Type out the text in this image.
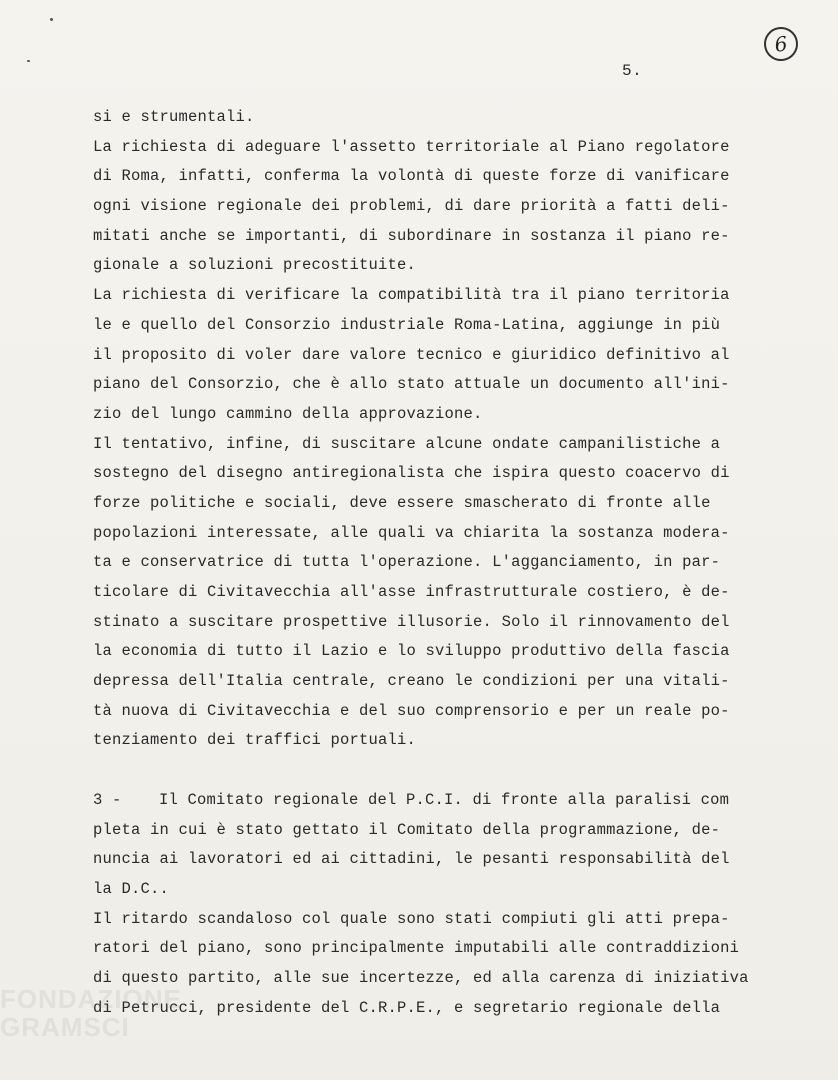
6
5.
si e strumentali.
La richiesta di adeguare l'assetto territoriale al Piano regolatore
di Roma, infatti, conferma la volontà di queste forze di vanificare
ogni visione regionale dei problemi, di dare priorità a fatti deli-
mitati anche se importanti, di subordinare in sostanza il piano re-
gionale a soluzioni precostituite.
La richiesta di verificare la compatibilità tra il piano territoria
le e quello del Consorzio industriale Roma-Latina, aggiunge in più
il proposito di voler dare valore tecnico e giuridico definitivo al
piano del Consorzio, che è allo stato attuale un documento all'ini-
zio del lungo cammino della approvazione.
Il tentativo, infine, di suscitare alcune ondate campanilistiche a
sostegno del disegno antiregionalista che ispira questo coacervo di
forze politiche e sociali, deve essere smascherato di fronte alle
popolazioni interessate, alle quali va chiarita la sostanza modera-
ta e conservatrice di tutta l'operazione. L'agganciamento, in par-
ticolare di Civitavecchia all'asse infrastrutturale costiero, è de-
stinato a suscitare prospettive illusorie. Solo il rinnovamento del
la economia di tutto il Lazio e lo sviluppo produttivo della fascia
depressa dell'Italia centrale, creano le condizioni per una vitali-
tà nuova di Civitavecchia e del suo comprensorio e per un reale po-
tenziamento dei traffici portuali.
3 - Il Comitato regionale del P.C.I. di fronte alla paralisi com
pleta in cui è stato gettato il Comitato della programmazione, de-
nuncia ai lavoratori ed ai cittadini, le pesanti responsabilità del
la D.C..
Il ritardo scandaloso col quale sono stati compiuti gli atti prepa-
ratori del piano, sono principalmente imputabili alle contraddizioni
di questo partito, alle sue incertezze, ed alla carenza di iniziativa
di Petrucci, presidente del C.R.P.E., e segretario regionale della
FONDAZIONE
GRAMSCI
